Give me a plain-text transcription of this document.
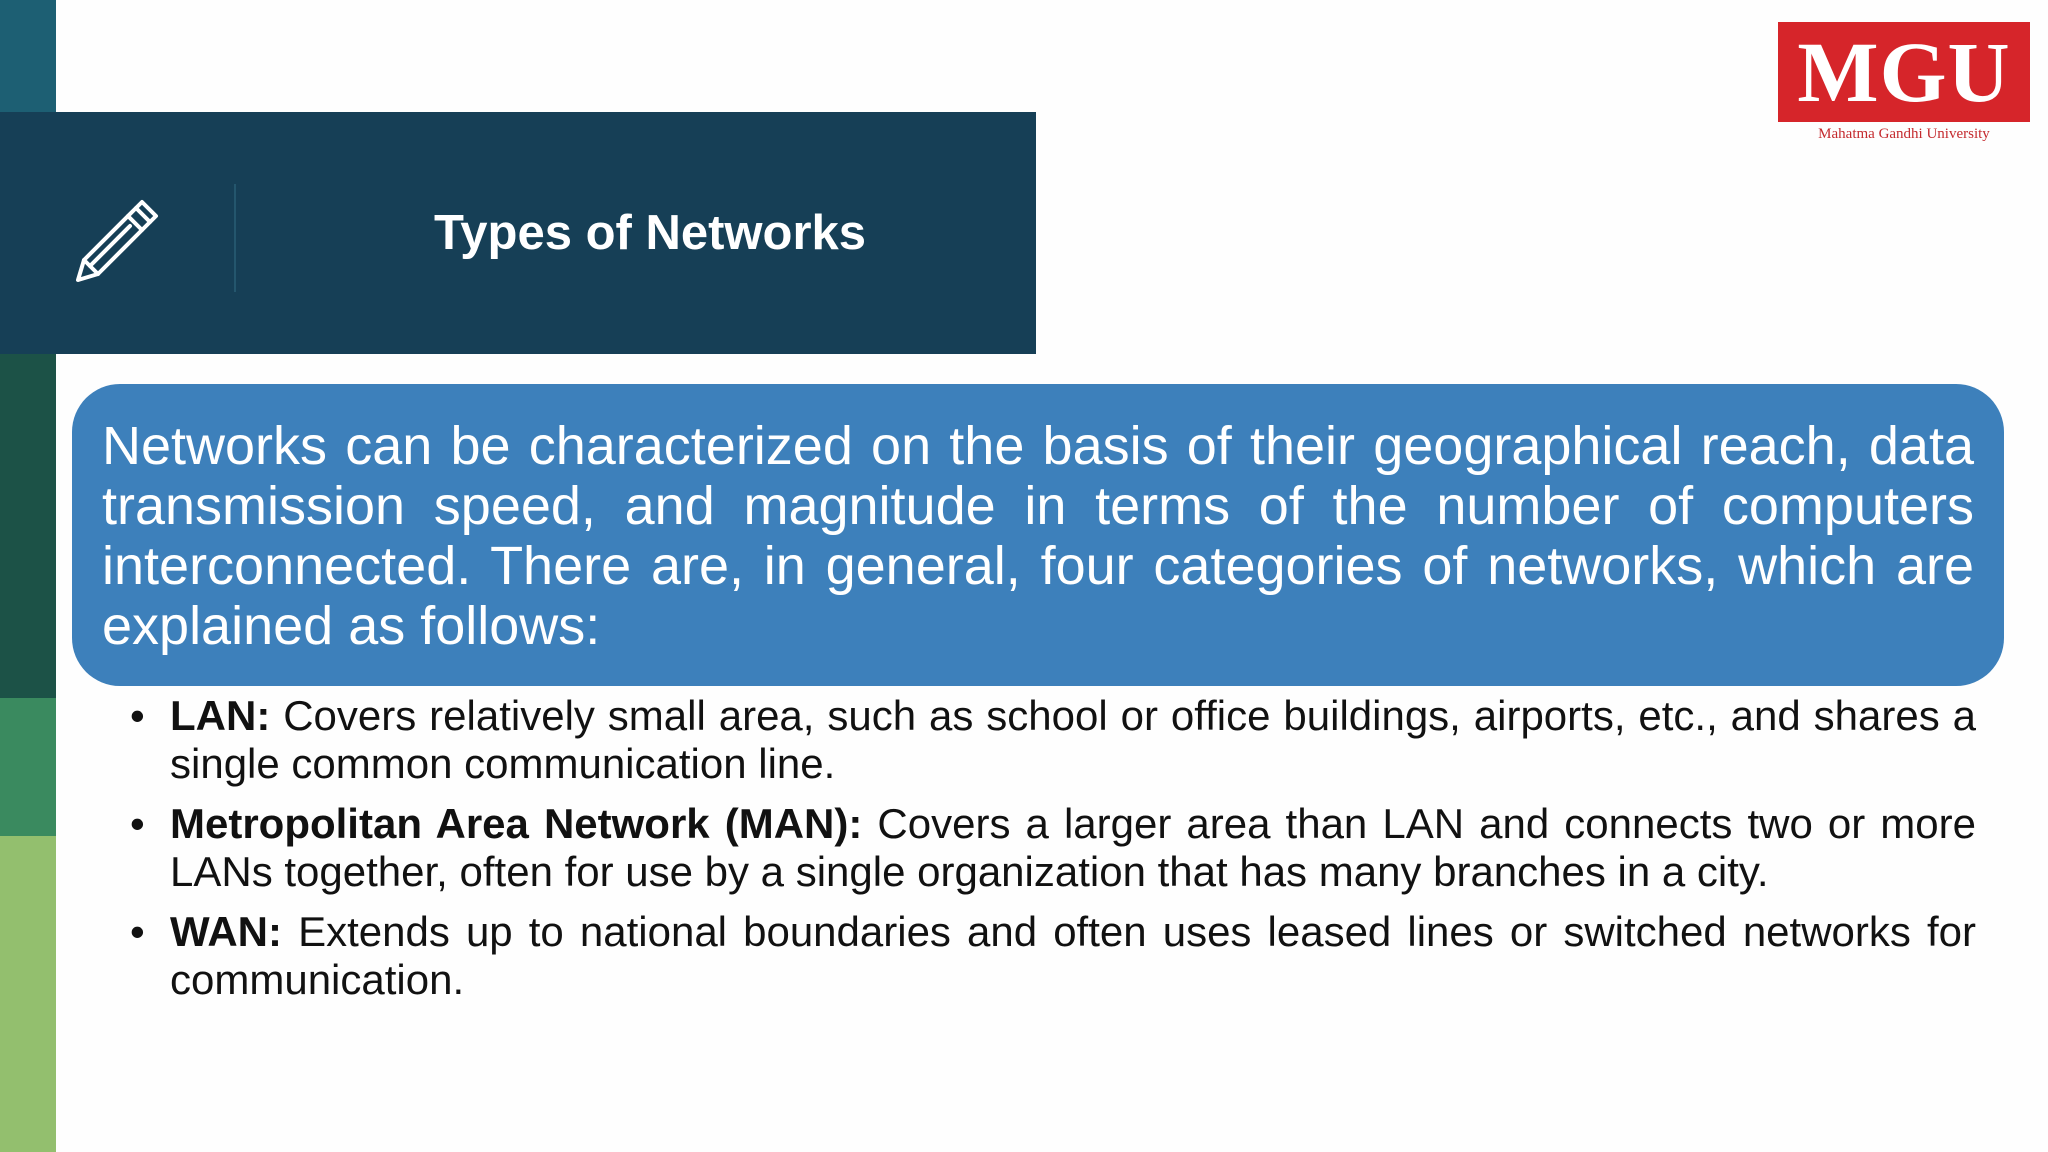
Types of Networks
MGU
Mahatma Gandhi University

Networks can be characterized on the basis of their geographical reach, data transmission speed, and magnitude in terms of the number of computers interconnected. There are, in general, four categories of networks, which are explained as follows:

• LAN: Covers relatively small area, such as school or office buildings, airports, etc., and shares a single common communication line.
• Metropolitan Area Network (MAN): Covers a larger area than LAN and connects two or more LANs together, often for use by a single organization that has many branches in a city.
• WAN: Extends up to national boundaries and often uses leased lines or switched networks for communication.
